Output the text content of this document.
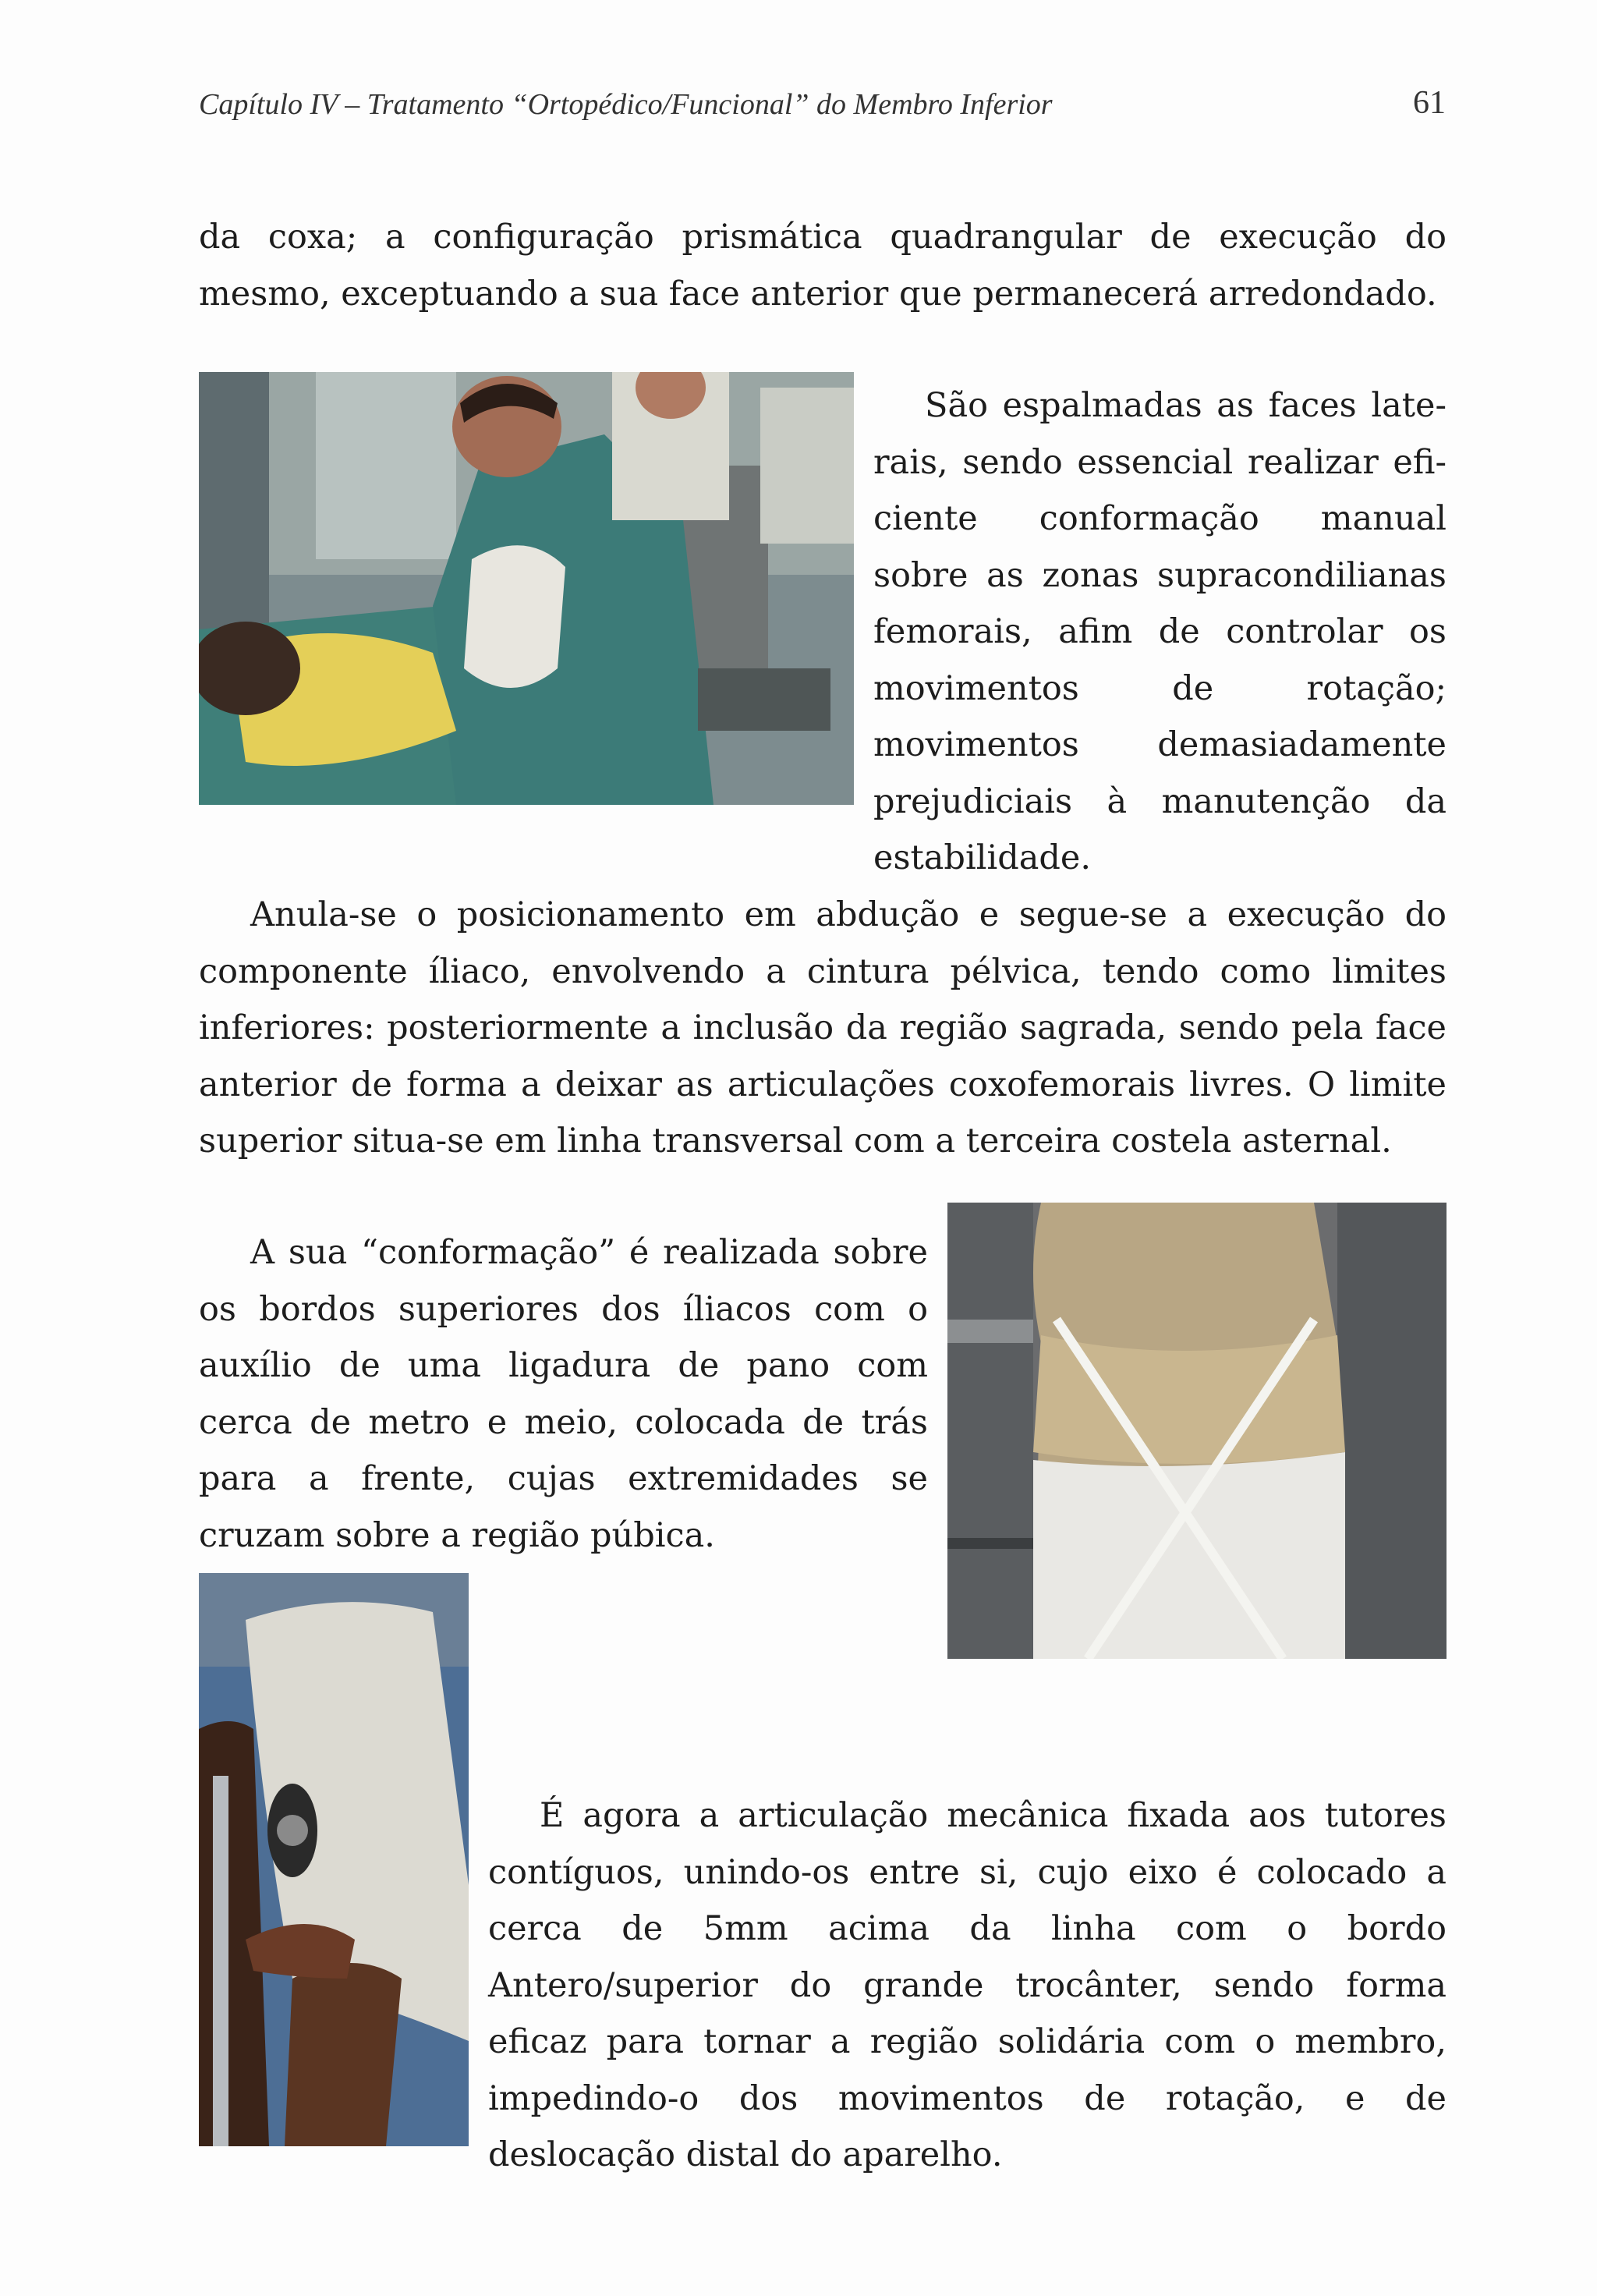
Capítulo IV – Tratamento “Ortopédico/Funcional” do Membro Inferior	61

da coxa; a configuração prismática quadrangular de execução do mesmo, exceptuando a sua face anterior que permanecerá arredondado.

São espalmadas as faces laterais, sendo essencial realizar eficiente conformação manual sobre as zonas supracondilianas femorais, afim de controlar os movimentos de rotação; movimentos demasiadamente prejudiciais à manutenção da estabilidade.

Anula-se o posicionamento em abdução e segue-se a execução do componente íliaco, envolvendo a cintura pélvica, tendo como limites inferiores: posteriormente a inclusão da região sagrada, sendo pela face anterior de forma a deixar as articulações coxofemorais livres. O limite superior situa-se em linha transversal com a terceira costela asternal.

A sua “conformação” é realizada sobre os bordos superiores dos íliacos com o auxílio de uma ligadura de pano com cerca de metro e meio, colocada de trás para a frente, cujas extremidades se cruzam sobre a região púbica.

É agora a articulação mecânica fixada aos tutores contíguos, unindo-os entre si, cujo eixo é colocado a cerca de 5mm acima da linha com o bordo Antero/superior do grande trocânter, sendo forma eficaz para tornar a região solidária com o membro, impedindo-o dos movimentos de rotação, e de deslocação distal do aparelho.
